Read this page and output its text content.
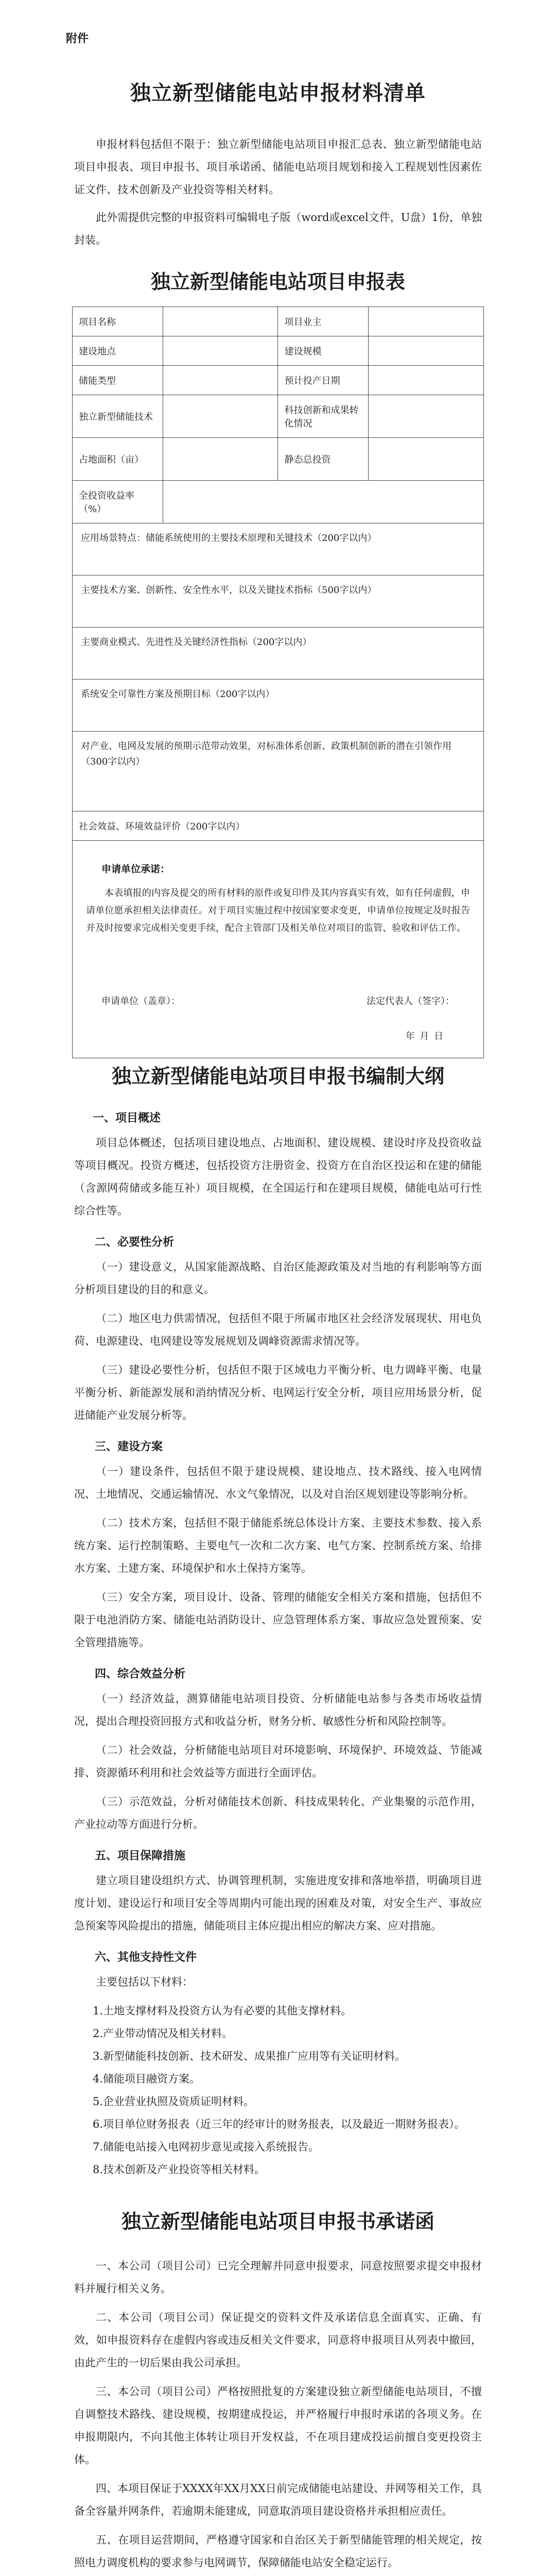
附件
独立新型储能电站申报材料清单

申报材料包括但不限于：独立新型储能电站项目申报汇总表、独立新型储能电站项目申报表、项目申报书、项目承诺函、储能电站项目规划和接入工程规划性因素佐证文件、技术创新及产业投资等相关材料。

此外需提供完整的申报资料可编辑电子版（word或excel文件，U盘）1份，单独封装。

独立新型储能电站项目申报表
项目名称		项目业主	
建设地点		建设规模	
储能类型		预计投产日期	
独立新型储能技术		科技创新和成果转化情况	
占地面积（亩）		静态总投资	
全投资收益率（%）			
应用场景特点：储能系统使用的主要技术原理和关键技术（200字以内）			
主要技术方案、创新性、安全性水平，以及关键技术指标（500字以内）			
主要商业模式、先进性及关键经济性指标（200字以内）			
系统安全可靠性方案及预期目标（200字以内）			
对产业、电网及发展的预期示范带动效果，对标准体系创新、政策机制创新的潜在引领作用（300字以内）			
社会效益、环境效益评价（200字以内）			

申请单位承诺：
本表填报的内容及提交的所有材料的原件或复印件及其内容真实有效，如有任何虚假，申请单位愿承担相关法律责任。对于项目实施过程中按国家要求变更，申请单位按规定及时报告并及时按要求完成相关变更手续，配合主管部门及相关单位对项目的监管、验收和评估工作。
申请单位（盖章）： 法定代表人（签字）：
年 月 日			
独立新型储能电站项目申报书编制大纲
一、项目概述

项目总体概述，包括项目建设地点、占地面积、建设规模、建设时序及投资收益等项目概况。投资方概述，包括投资方注册资金、投资方在自治区投运和在建的储能（含源网荷储或多能互补）项目规模，在全国运行和在建项目规模，储能电站可行性综合性等。

二、必要性分析

（一）建设意义，从国家能源战略、自治区能源政策及对当地的有利影响等方面分析项目建设的目的和意义。

（二）地区电力供需情况，包括但不限于所属市地区社会经济发展现状、用电负荷、电源建设、电网建设等发展规划及调峰资源需求情况等。

（三）建设必要性分析，包括但不限于区域电力平衡分析、电力调峰平衡、电量平衡分析、新能源发展和消纳情况分析、电网运行安全分析，项目应用场景分析，促进储能产业发展分析等。

三、建设方案

（一）建设条件，包括但不限于建设规模、建设地点、技术路线、接入电网情况、土地情况、交通运输情况、水文气象情况，以及对自治区规划建设等影响分析。

（二）技术方案，包括但不限于储能系统总体设计方案、主要技术参数、接入系统方案、运行控制策略、主要电气一次和二次方案、电气方案、控制系统方案、给排水方案、土建方案、环境保护和水土保持方案等。

（三）安全方案，项目设计、设备、管理的储能安全相关方案和措施，包括但不限于电池消防方案、储能电站消防设计、应急管理体系方案、事故应急处置预案、安全管理措施等。

四、综合效益分析

（一）经济效益，测算储能电站项目投资、分析储能电站参与各类市场收益情况，提出合理投资回报方式和收益分析，财务分析、敏感性分析和风险控制等。

（二）社会效益，分析储能电站项目对环境影响、环境保护、环境效益、节能减排、资源循环利用和社会效益等方面进行全面评估。

（三）示范效益，分析对储能技术创新、科技成果转化、产业集聚的示范作用，产业拉动等方面进行分析。

五、项目保障措施

建立项目建设组织方式、协调管理机制，实施进度安排和落地举措，明确项目进度计划、建设运行和项目安全等周期内可能出现的困难及对策，对安全生产、事故应急预案等风险提出的措施，储能项目主体应提出相应的解决方案、应对措施。

六、其他支持性文件

主要包括以下材料：

1.土地支撑材料及投资方认为有必要的其他支撑材料。
2.产业带动情况及相关材料。
3.新型储能科技创新、技术研发、成果推广应用等有关证明材料。
4.储能项目融资方案。
5.企业营业执照及资质证明材料。
6.项目单位财务报表（近三年的经审计的财务报表，以及最近一期财务报表）。
7.储能电站接入电网初步意见或接入系统报告。
8.技术创新及产业投资等相关材料。
独立新型储能电站项目申报书承诺函

一、本公司（项目公司）已完全理解并同意申报要求，同意按照要求提交申报材料并履行相关义务。

二、本公司（项目公司）保证提交的资料文件及承诺信息全面真实、正确、有效，如申报资料存在虚假内容或违反相关文件要求，同意将申报项目从列表中撤回，由此产生的一切后果由我公司承担。

三、本公司（项目公司）严格按照批复的方案建设独立新型储能电站项目，不擅自调整技术路线、建设规模，按期建成投运，并严格履行申报时承诺的各项义务。在申报期限内，不向其他主体转让项目开发权益，不在项目建成投运前擅自变更投资主体。

四、本项目保证于XXXX年XX月XX日前完成储能电站建设、并网等相关工作，具备全容量并网条件，若逾期未能建成，同意取消项目建设资格并承担相应责任。

五、在项目运营期间，严格遵守国家和自治区关于新型储能管理的相关规定，按照电力调度机构的要求参与电网调节，保障储能电站安全稳定运行。
